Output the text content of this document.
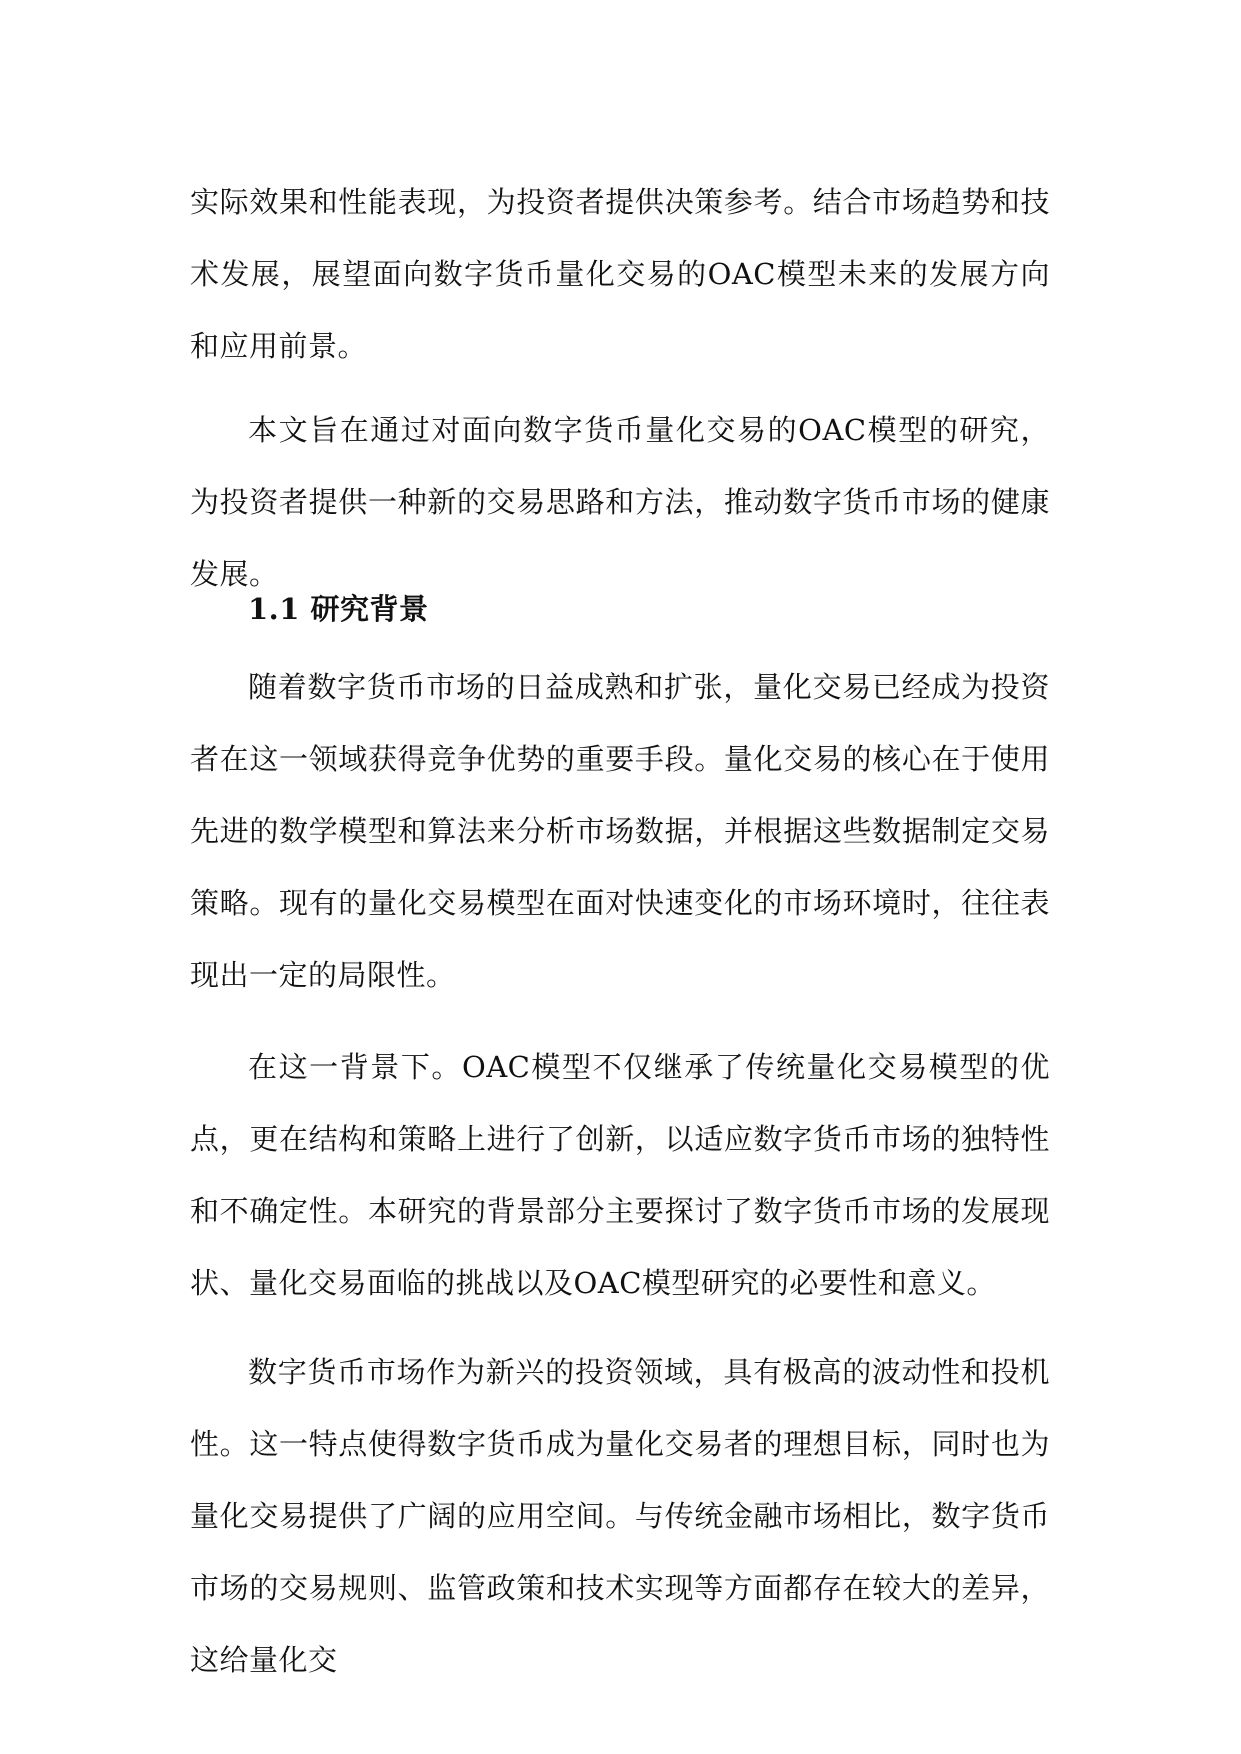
实际效果和性能表现，为投资者提供决策参考。结合市场趋势和技术发展，展望面向数字货币量化交易的OAC模型未来的发展方向和应用前景。

本文旨在通过对面向数字货币量化交易的OAC模型的研究，为投资者提供一种新的交易思路和方法，推动数字货币市场的健康发展。

1.1 研究背景

随着数字货币市场的日益成熟和扩张，量化交易已经成为投资者在这一领域获得竞争优势的重要手段。量化交易的核心在于使用先进的数学模型和算法来分析市场数据，并根据这些数据制定交易策略。现有的量化交易模型在面对快速变化的市场环境时，往往表现出一定的局限性。

在这一背景下。OAC模型不仅继承了传统量化交易模型的优点，更在结构和策略上进行了创新，以适应数字货币市场的独特性和不确定性。本研究的背景部分主要探讨了数字货币市场的发展现状、量化交易面临的挑战以及OAC模型研究的必要性和意义。

数字货币市场作为新兴的投资领域，具有极高的波动性和投机性。这一特点使得数字货币成为量化交易者的理想目标，同时也为量化交易提供了广阔的应用空间。与传统金融市场相比，数字货币市场的交易规则、监管政策和技术实现等方面都存在较大的差异，这给量化交
